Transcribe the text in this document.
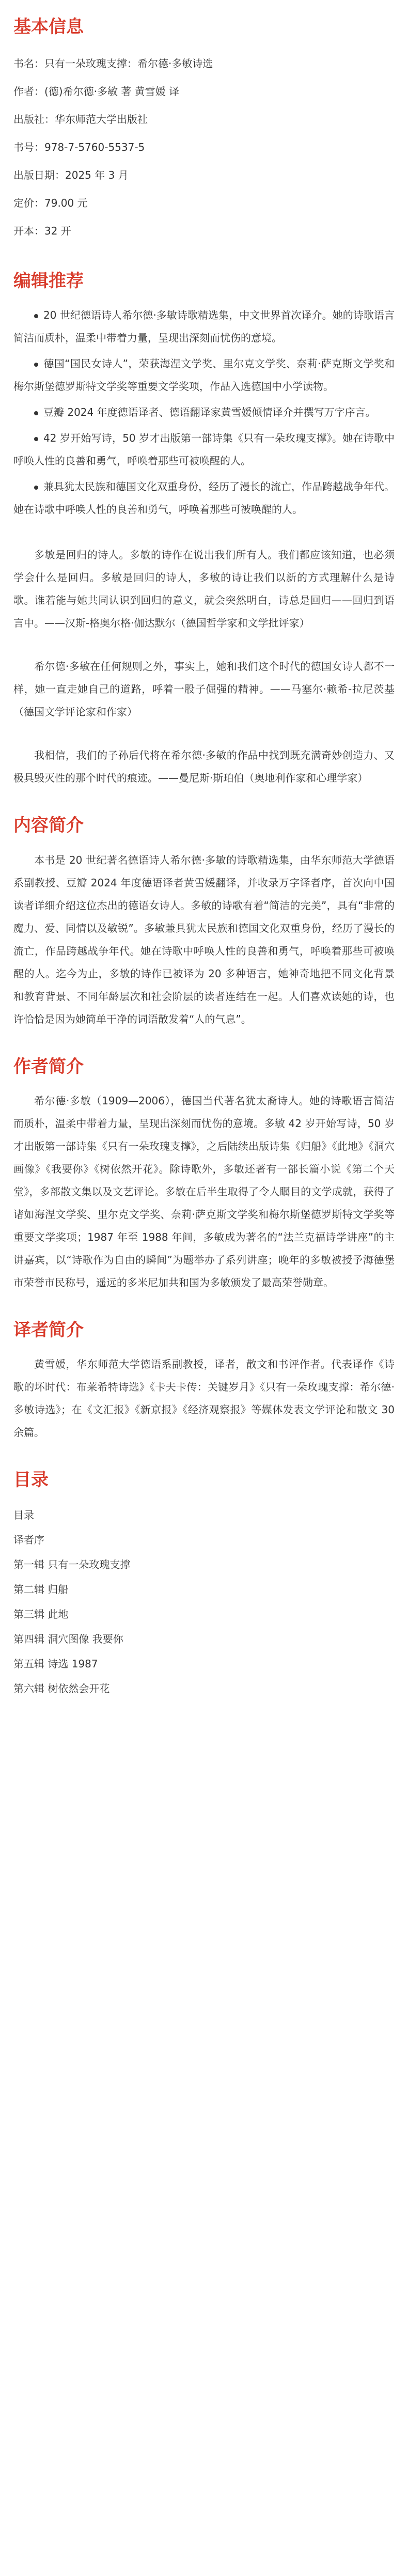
基本信息

书名：只有一朵玫瑰支撑：希尔德·多敏诗选

作者：(德)希尔德·多敏 著 黄雪媛 译

出版社：华东师范大学出版社

书号：978-7-5760-5537-5

出版日期：2025 年 3 月

定价：79.00 元

开本：32 开

编辑推荐

20 世纪德语诗人希尔德·多敏诗歌精选集，中文世界首次译介。她的诗歌语言简洁而质朴，温柔中带着力量，呈现出深刻而忧伤的意境。

德国“国民女诗人”，荣获海涅文学奖、里尔克文学奖、奈莉·萨克斯文学奖和梅尔斯堡德罗斯特文学奖等重要文学奖项，作品入选德国中小学读物。

豆瓣 2024 年度德语译者、德语翻译家黄雪媛倾情译介并撰写万字序言。

42 岁开始写诗，50 岁才出版第一部诗集《只有一朵玫瑰支撑》。她在诗歌中呼唤人性的良善和勇气，呼唤着那些可被唤醒的人。

兼具犹太民族和德国文化双重身份，经历了漫长的流亡，作品跨越战争年代。她在诗歌中呼唤人性的良善和勇气，呼唤着那些可被唤醒的人。

多敏是回归的诗人。多敏的诗作在说出我们所有人。我们都应该知道，也必须学会什么是回归。多敏是回归的诗人，多敏的诗让我们以新的方式理解什么是诗歌。谁若能与她共同认识到回归的意义，就会突然明白，诗总是回归——回归到语言中。——汉斯-格奥尔格·伽达默尔（德国哲学家和文学批评家）

希尔德·多敏在任何规则之外，事实上，她和我们这个时代的德国女诗人都不一样，她一直走她自己的道路，呼着一股子倔强的精神。——马塞尔·赖希-拉尼茨基（德国文学评论家和作家）

我相信，我们的子孙后代将在希尔德·多敏的作品中找到既充满奇妙创造力、又极具毁灭性的那个时代的痕迹。——曼尼斯·斯珀伯（奥地利作家和心理学家）

内容简介

本书是 20 世纪著名德语诗人希尔德·多敏的诗歌精选集，由华东师范大学德语系副教授、豆瓣 2024 年度德语译者黄雪媛翻译，并收录万字译者序，首次向中国读者详细介绍这位杰出的德语女诗人。多敏的诗歌有着“简洁的完美”，具有“非常的魔力、爱、同情以及敏锐”。多敏兼具犹太民族和德国文化双重身份，经历了漫长的流亡，作品跨越战争年代。她在诗歌中呼唤人性的良善和勇气，呼唤着那些可被唤醒的人。迄今为止，多敏的诗作已被译为 20 多种语言，她神奇地把不同文化背景和教育背景、不同年龄层次和社会阶层的读者连结在一起。人们喜欢读她的诗，也许恰恰是因为她简单干净的词语散发着“人的气息”。

作者简介

希尔德·多敏（1909—2006），德国当代著名犹太裔诗人。她的诗歌语言简洁而质朴，温柔中带着力量，呈现出深刻而忧伤的意境。多敏 42 岁开始写诗，50 岁才出版第一部诗集《只有一朵玫瑰支撑》，之后陆续出版诗集《归船》《此地》《洞穴画像》《我要你》《树依然开花》。除诗歌外，多敏还著有一部长篇小说《第二个天堂》，多部散文集以及文艺评论。多敏在后半生取得了令人瞩目的文学成就，获得了诸如海涅文学奖、里尔克文学奖、奈莉·萨克斯文学奖和梅尔斯堡德罗斯特文学奖等重要文学奖项；1987 年至 1988 年间，多敏成为著名的“法兰克福诗学讲座”的主讲嘉宾，以“诗歌作为自由的瞬间”为题举办了系列讲座；晚年的多敏被授予海德堡市荣誉市民称号，遥远的多米尼加共和国为多敏颁发了最高荣誉勋章。

译者简介

黄雪媛，华东师范大学德语系副教授，译者，散文和书评作者。代表译作《诗歌的坏时代：布莱希特诗选》《卡夫卡传：关键岁月》《只有一朵玫瑰支撑：希尔德·多敏诗选》；在《文汇报》《新京报》《经济观察报》等媒体发表文学评论和散文 30 余篇。

目录

目录

译者序

第一辑 只有一朵玫瑰支撑

第二辑 归船

第三辑 此地

第四辑 洞穴图像 我要你

第五辑 诗选 1987

第六辑 树依然会开花
